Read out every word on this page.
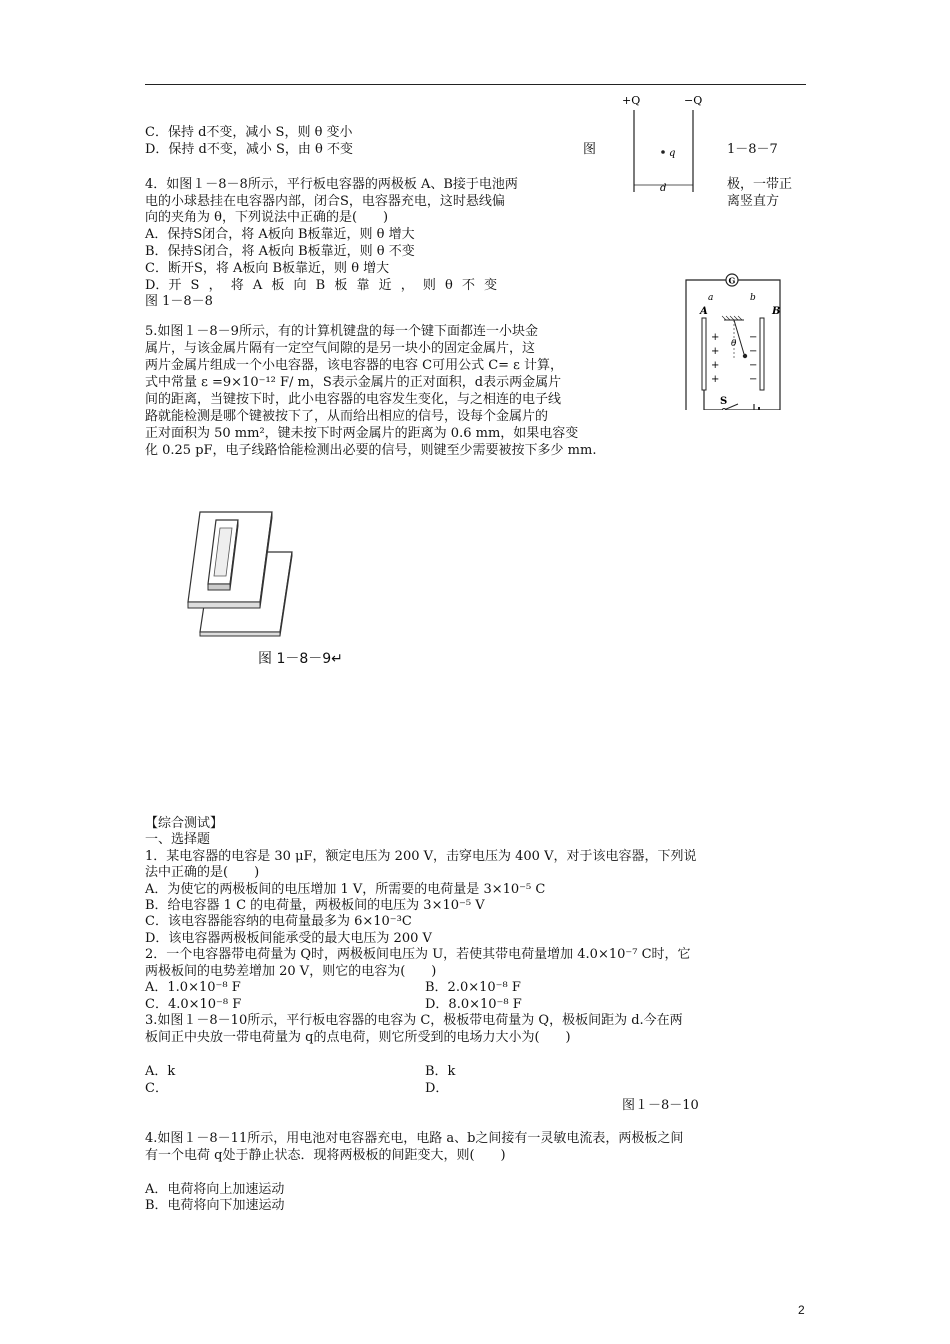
C．保持 d不变，减小 S，则 θ 变小
D．保持 d不变，减小 S，由 θ 不变	图	1－8－7
+Q	−Q
q
d
4．如图１－8－8所示，平行板电容器的两极板 A、B接于电池两	极，一带正
电的小球悬挂在电容器内部，闭合S，电容器充电，这时悬线偏	离竖直方
向的夹角为 θ，下列说法中正确的是(　　)
A．保持S闭合，将 A板向 B板靠近，则 θ 增大
B．保持S闭合，将 A板向 B板靠近，则 θ 不变
C．断开S，将 A板向 B板靠近，则 θ 增大
D．开 S ， 将 A 板 向 B 板 靠 近 ， 则 θ 不 变
图 1－8－8
G
a	b
A	B
+
+
+
+
−
−
−
−
θ
S
5.如图１－8－9所示，有的计算机键盘的每一个键下面都连一小块金
属片，与该金属片隔有一定空气间隙的是另一块小的固定金属片，这
两片金属片组成一个小电容器，该电容器的电容 C可用公式 C= ε 计算，
式中常量 ε =9×10⁻¹² F/ m，S表示金属片的正对面积，d表示两金属片
间的距离，当键按下时，此小电容器的电容发生变化，与之相连的电子线
路就能检测是哪个键被按下了，从而给出相应的信号，设每个金属片的
正对面积为 50 mm²，键未按下时两金属片的距离为 0.6 mm，如果电容变
化 0.25 pF，电子线路恰能检测出必要的信号，则键至少需要被按下多少 mm.
图 1－8－9↵
【综合测试】
一、选择题
1．某电容器的电容是 30 μF，额定电压为 200 V，击穿电压为 400 V，对于该电容器，下列说
法中正确的是(　　)
A．为使它的两极板间的电压增加 1 V，所需要的电荷量是 3×10⁻⁵ C
B．给电容器 1 C 的电荷量，两极板间的电压为 3×10⁻⁵ V
C．该电容器能容纳的电荷量最多为 6×10⁻³C
D．该电容器两极板间能承受的最大电压为 200 V
2．一个电容器带电荷量为 Q时，两极板间电压为 U，若使其带电荷量增加 4.0×10⁻⁷ C时，它
两极板间的电势差增加 20 V，则它的电容为(　　)
A．1.0×10⁻⁸ F	B．2.0×10⁻⁸ F
C．4.0×10⁻⁸ F	D．8.0×10⁻⁸ F
3.如图１－8－10所示，平行板电容器的电容为 C，极板带电荷量为 Q，极板间距为 d.今在两
板间正中央放一带电荷量为 q的点电荷，则它所受到的电场力大小为(　　)
A．k	B．k
C．	D．
图１－8－10
4.如图１－8－11所示，用电池对电容器充电，电路 a、b之间接有一灵敏电流表，两极板之间
有一个电荷 q处于静止状态．现将两极板的间距变大，则(　　)
A．电荷将向上加速运动
B．电荷将向下加速运动
2
